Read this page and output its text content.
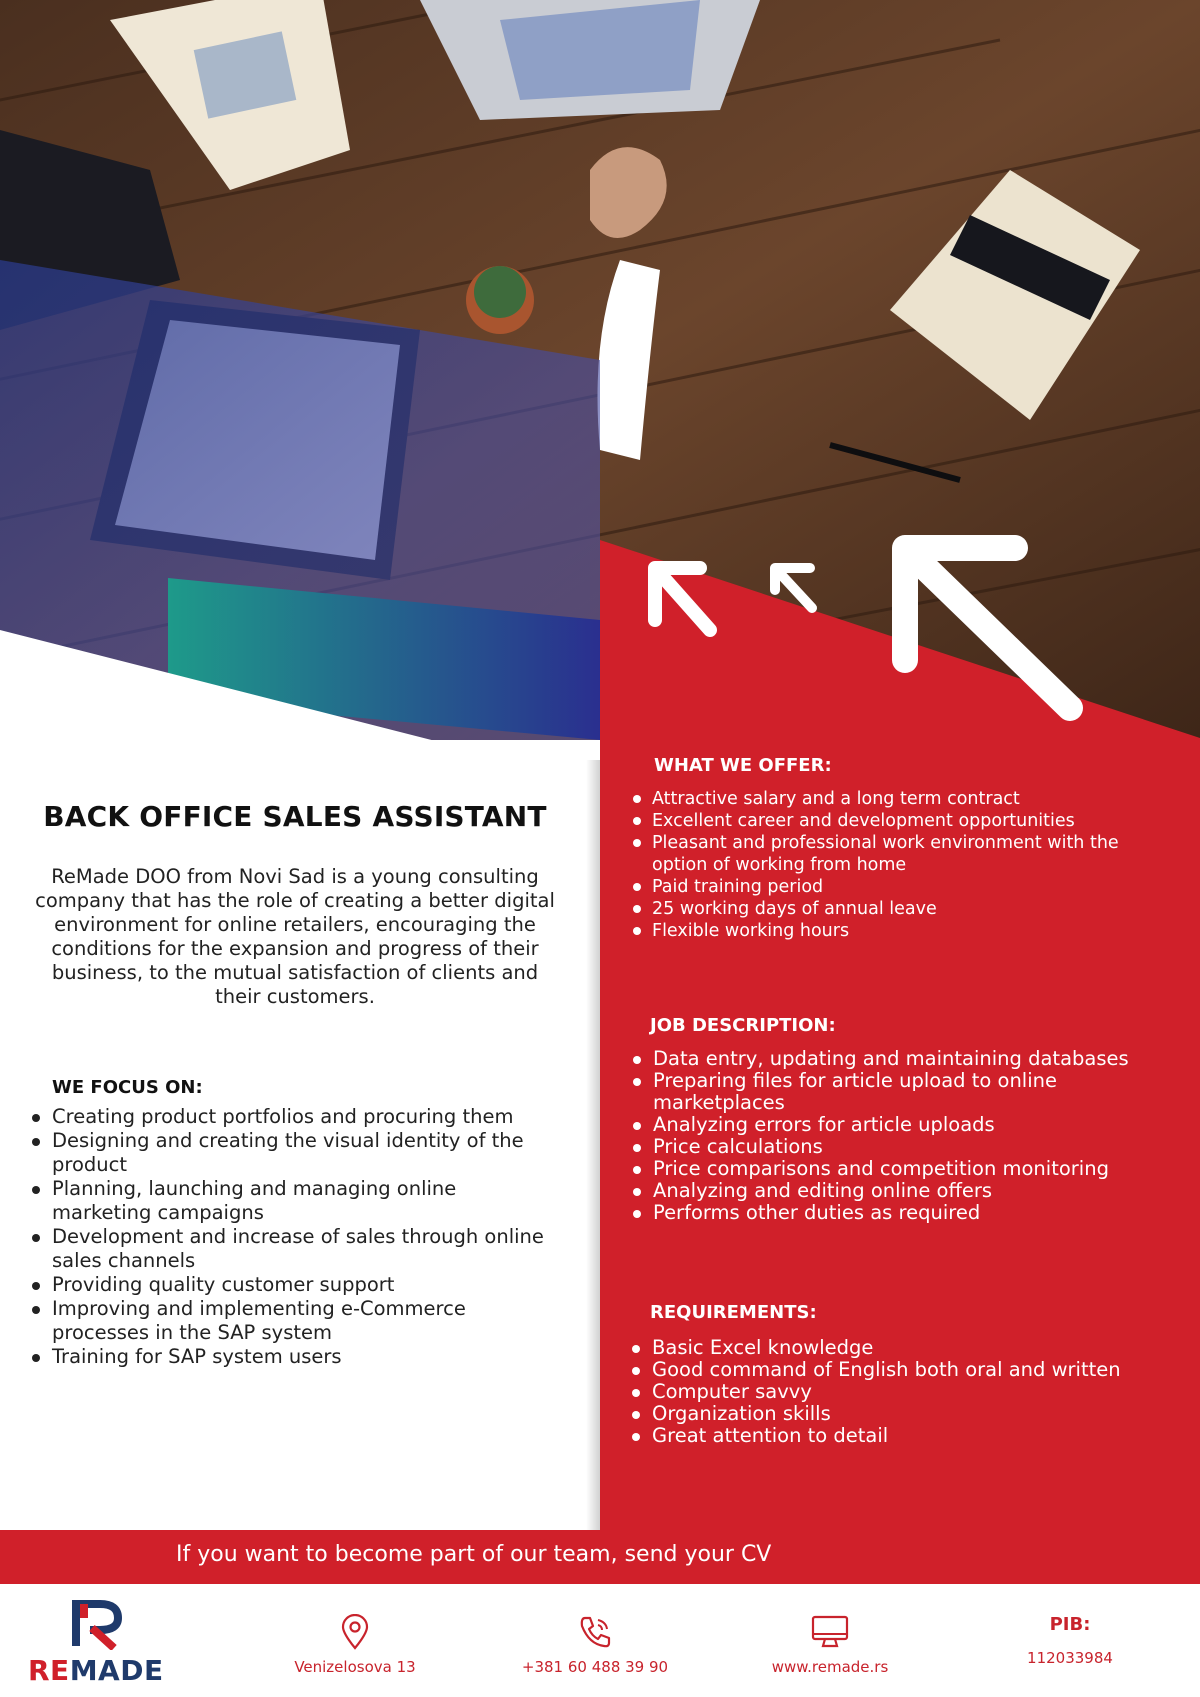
BACK OFFICE SALES ASSISTANT
ReMade DOO from Novi Sad is a young consulting company that has the role of creating a better digital environment for online retailers, encouraging the conditions for the expansion and progress of their business, to the mutual satisfaction of clients and their customers.
WE FOCUS ON:
Creating product portfolios and procuring them
Designing and creating the visual identity of the product
Planning, launching and managing online marketing campaigns
Development and increase of sales through online sales channels
Providing quality customer support
Improving and implementing e-Commerce processes in the SAP system
Training for SAP system users
WHAT WE OFFER:
Attractive salary and a long term contract
Excellent career and development opportunities
Pleasant and professional work environment with the option of working from home
Paid training period
25 working days of annual leave
Flexible working hours
JOB DESCRIPTION:
Data entry, updating and maintaining databases
Preparing files for article upload to online marketplaces
Analyzing errors for article uploads
Price calculations
Price comparisons and competition monitoring
Analyzing and editing online offers
Performs other duties as required
REQUIREMENTS:
Basic Excel knowledge
Good command of English both oral and written
Computer savvy
Organization skills
Great attention to detail
If you want to become part of our team, send your CV
REMADE	Venizelosova 13	+381 60 488 39 90	www.remade.rs
PIB:
112033984
